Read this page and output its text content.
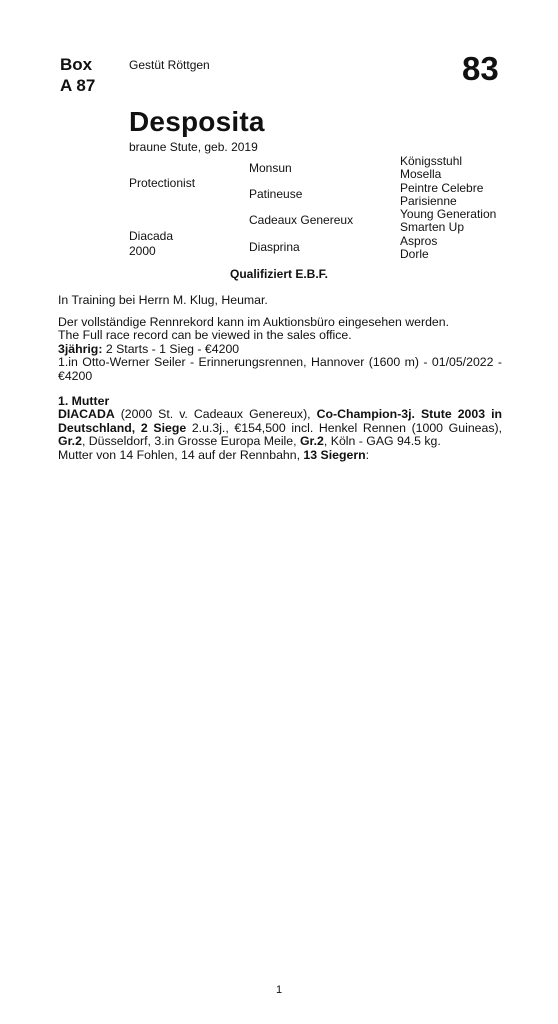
Box
A 87
Gestüt Röttgen	83
Desposita
braune Stute, geb. 2019
Protectionist
Diacada
2000
Monsun
Patineuse
Cadeaux Genereux
Diasprina
Königsstuhl
Mosella
Peintre Celebre
Parisienne
Young Generation
Smarten Up
Aspros
Dorle
Qualifiziert E.B.F.

In Training bei Herrn M. Klug, Heumar.

Der vollständige Rennrekord kann im Auktionsbüro eingesehen werden.

The Full race record can be viewed in the sales office.

3jährig: 2 Starts - 1 Sieg - €4200

1.in Otto-Werner Seiler - Erinnerungsrennen, Hannover (1600 m) - 01/05/2022 - €4200

1. Mutter

DIACADA (2000 St. v. Cadeaux Genereux), Co-Champion-3j. Stute 2003 in Deutschland, 2 Siege 2.u.3j., €154,500 incl. Henkel Rennen (1000 Guineas), Gr.2, Düsseldorf, 3.in Grosse Europa Meile, Gr.2, Köln - GAG 94.5 kg.

Mutter von 14 Fohlen, 14 auf der Rennbahn, 13 Siegern:

1
